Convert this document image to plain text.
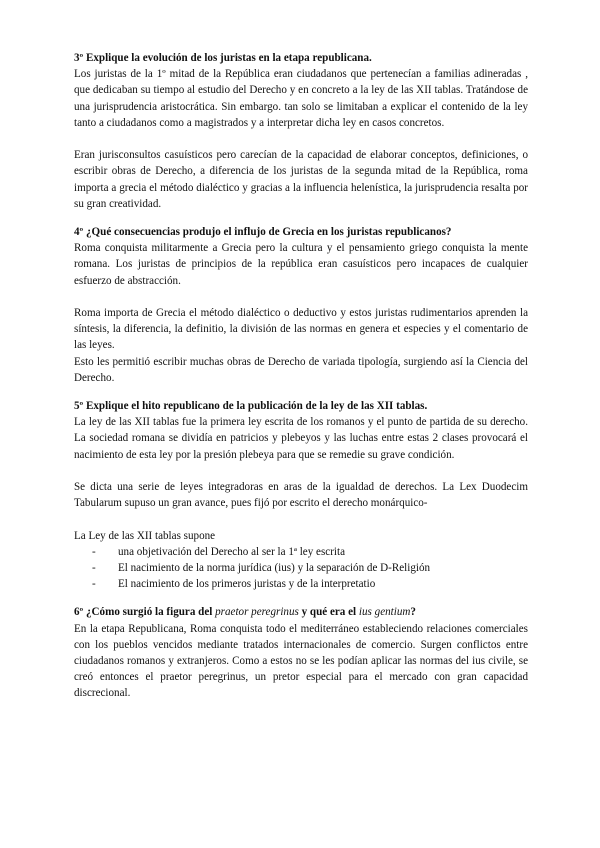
3º Explique la evolución de los juristas en la etapa republicana.

Los juristas de la 1º mitad de la República eran ciudadanos que pertenecían a familias adineradas , que dedicaban su tiempo al estudio del Derecho y en concreto a la ley de las XII tablas. Tratándose de una jurisprudencia aristocrática. Sin embargo. tan solo se limitaban a explicar el contenido de la ley tanto a ciudadanos como a magistrados y a interpretar dicha ley en casos concretos.

Eran jurisconsultos casuísticos pero carecían de la capacidad de elaborar conceptos, definiciones, o escribir obras de Derecho, a diferencia de los juristas de la segunda mitad de la República, roma importa a grecia el método dialéctico y gracias a la influencia helenística, la jurisprudencia resalta por su gran creatividad.

4º ¿Qué consecuencias produjo el influjo de Grecia en los juristas republicanos?

Roma conquista militarmente a Grecia pero la cultura y el pensamiento griego conquista la mente romana. Los juristas de principios de la república eran casuísticos pero incapaces de cualquier esfuerzo de abstracción.

Roma importa de Grecia el método dialéctico o deductivo y estos juristas rudimentarios aprenden la síntesis, la diferencia, la definitio, la división de las normas en genera et especies y el comentario de las leyes.

Esto les permitió escribir muchas obras de Derecho de variada tipología, surgiendo así la Ciencia del Derecho.

5º Explique el hito republicano de la publicación de la ley de las XII tablas.

La ley de las XII tablas fue la primera ley escrita de los romanos y el punto de partida de su derecho. La sociedad romana se dividía en patricios y plebeyos y las luchas entre estas 2 clases provocará el nacimiento de esta ley por la presión plebeya para que se remedie su grave condición.

Se dicta una serie de leyes integradoras en aras de la igualdad de derechos. La Lex Duodecim Tabularum supuso un gran avance, pues fijó por escrito el derecho monárquico-

La Ley de las XII tablas supone

- una objetivación del Derecho al ser la 1ª ley escrita
- El nacimiento de la norma jurídica (ius) y la separación de D-Religión
- El nacimiento de los primeros juristas y de la interpretatio

6º ¿Cómo surgió la figura del praetor peregrinus y qué era el ius gentium?

En la etapa Republicana, Roma conquista todo el mediterráneo estableciendo relaciones comerciales con los pueblos vencidos mediante tratados internacionales de comercio. Surgen conflictos entre ciudadanos romanos y extranjeros. Como a estos no se les podían aplicar las normas del ius civile, se creó entonces el praetor peregrinus, un pretor especial para el mercado con gran capacidad discrecional.
